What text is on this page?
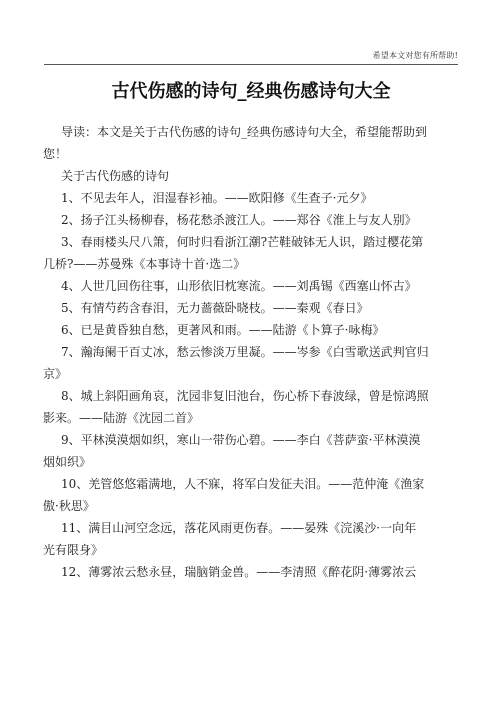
希望本文对您有所帮助!
古代伤感的诗句_经典伤感诗句大全

导读：本文是关于古代伤感的诗句_经典伤感诗句大全，希望能帮助到

您！

关于古代伤感的诗句

1、不见去年人，泪湿春衫袖。——欧阳修《生查子·元夕》

2、扬子江头杨柳春，杨花愁杀渡江人。——郑谷《淮上与友人别》

3、春雨楼头尺八箫，何时归看浙江潮?芒鞋破钵无人识，踏过樱花第

几桥?——苏曼殊《本事诗十首·选二》

4、人世几回伤往事，山形依旧枕寒流。——刘禹锡《西塞山怀古》

5、有情芍药含春泪，无力蔷薇卧晓枝。——秦观《春日》

6、已是黄昏独自愁，更著风和雨。——陆游《卜算子·咏梅》

7、瀚海阑干百丈冰，愁云惨淡万里凝。——岑参《白雪歌送武判官归

京》

8、城上斜阳画角哀，沈园非复旧池台，伤心桥下春波绿，曾是惊鸿照

影来。——陆游《沈园二首》

9、平林漠漠烟如织，寒山一带伤心碧。——李白《菩萨蛮·平林漠漠

烟如织》

10、羌管悠悠霜满地，人不寐，将军白发征夫泪。——范仲淹《渔家

傲·秋思》

11、满目山河空念远，落花风雨更伤春。——晏殊《浣溪沙·一向年

光有限身》

12、薄雾浓云愁永昼，瑞脑销金兽。——李清照《醉花阴·薄雾浓云
